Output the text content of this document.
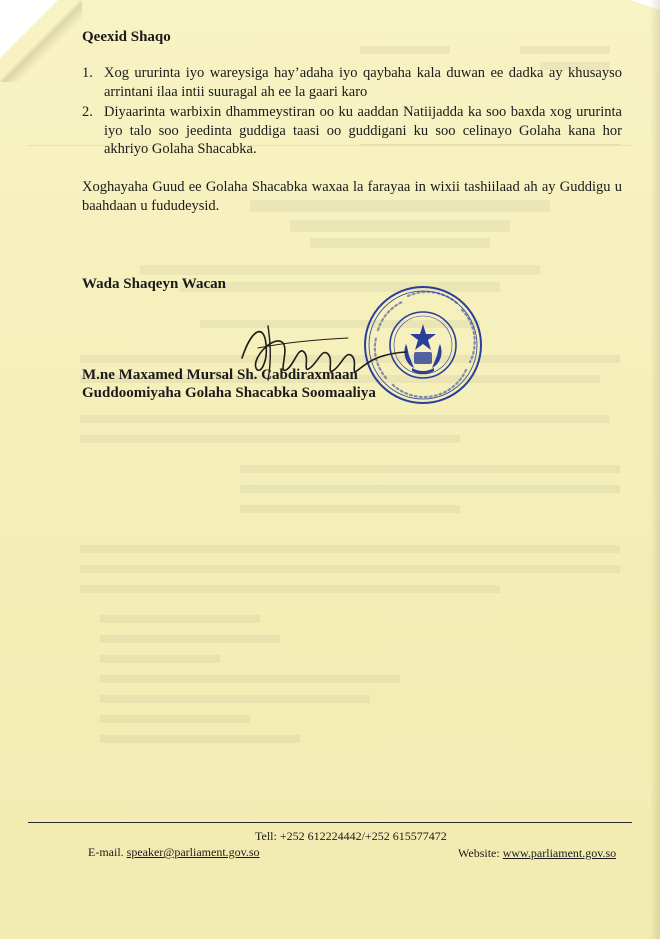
Qeexid Shaqo
1. Xog ururinta iyo wareysiga hay’adaha iyo qaybaha kala duwan ee dadka ay khusayso arrintani ilaa intii suuragal ah ee la gaari karo
2. Diyaarinta warbixin dhammeystiran oo ku aaddan Natiijadda ka soo baxda xog ururinta iyo talo soo jeedinta guddiga taasi oo guddigani ku soo celinayo Golaha kana hor akhriyo Golaha Shacabka.
Xoghayaha Guud ee Golaha Shacabka waxaa la farayaa in wixii tashiilaad ah ay Guddigu u baahdaan u fududeysid.
Wada Shaqeyn Wacan
M.ne Maxamed Mursal Sh. Cabdiraxmaan
Guddoomiyaha Golaha Shacabka Soomaaliya
Tell: +252 612224442/+252 615577472
E-mail. speaker@parliament.gov.so	Website: www.parliament.gov.so
